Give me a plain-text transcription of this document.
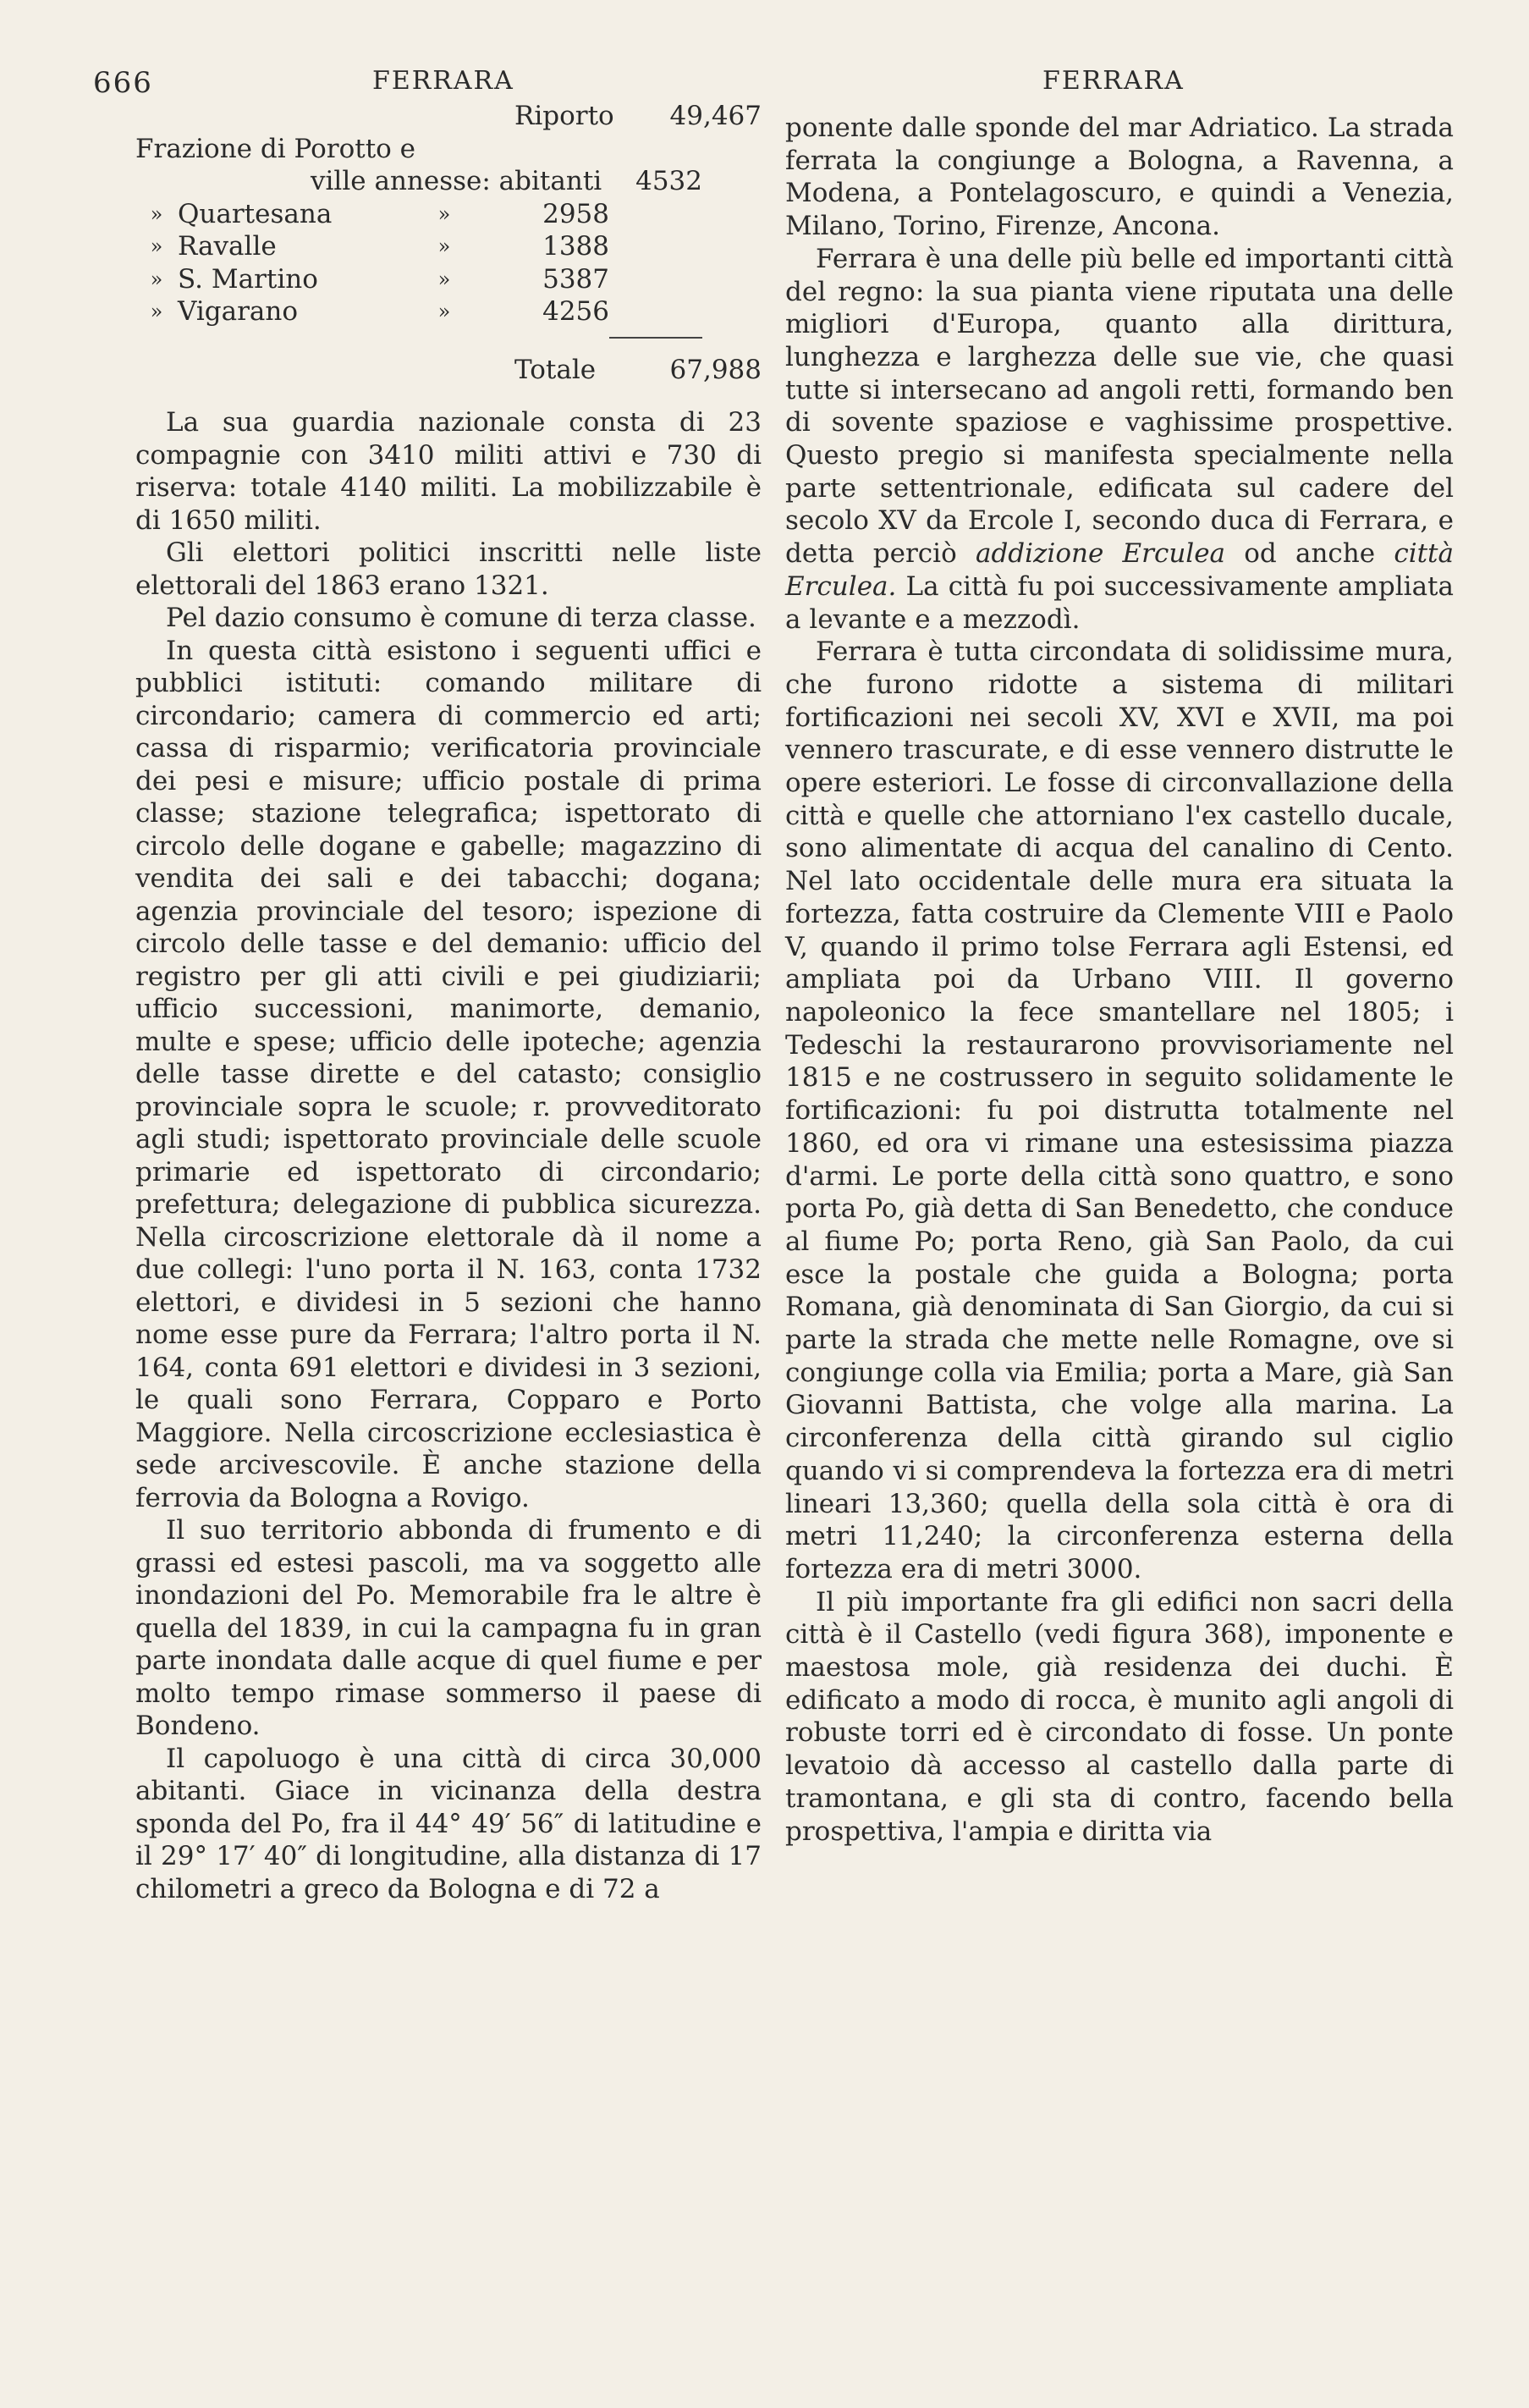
666	FERRARA	FERRARA
Riporto	49,467
Frazione di Porotto e
ville annesse: abitanti	4532
» Quartesana	»	2958
» Ravalle	»	1388
» S. Martino	»	5387
» Vigarano	»	4256
Totale	67,988

La sua guardia nazionale consta di 23 compagnie con 3410 militi attivi e 730 di riserva: totale 4140 militi. La mobilizzabile è di 1650 militi.

Gli elettori politici inscritti nelle liste elettorali del 1863 erano 1321.

Pel dazio consumo è comune di terza classe.

In questa città esistono i seguenti uffici e pubblici istituti: comando militare di circondario; camera di commercio ed arti; cassa di risparmio; verificatoria provinciale dei pesi e misure; ufficio postale di prima classe; stazione telegrafica; ispettorato di circolo delle dogane e gabelle; magazzino di vendita dei sali e dei tabacchi; dogana; agenzia provinciale del tesoro; ispezione di circolo delle tasse e del demanio: ufficio del registro per gli atti civili e pei giudiziarii; ufficio successioni, manimorte, demanio, multe e spese; ufficio delle ipoteche; agenzia delle tasse dirette e del catasto; consiglio provinciale sopra le scuole; r. provveditorato agli studi; ispettorato provinciale delle scuole primarie ed ispettorato di circondario; prefettura; delegazione di pubblica sicurezza. Nella circoscrizione elettorale dà il nome a due collegi: l'uno porta il N. 163, conta 1732 elettori, e dividesi in 5 sezioni che hanno nome esse pure da Ferrara; l'altro porta il N. 164, conta 691 elettori e dividesi in 3 sezioni, le quali sono Ferrara, Copparo e Porto Maggiore. Nella circoscrizione ecclesiastica è sede arcivescovile. È anche stazione della ferrovia da Bologna a Rovigo.

Il suo territorio abbonda di frumento e di grassi ed estesi pascoli, ma va soggetto alle inondazioni del Po. Memorabile fra le altre è quella del 1839, in cui la campagna fu in gran parte inondata dalle acque di quel fiume e per molto tempo rimase sommerso il paese di Bondeno.

Il capoluogo è una città di circa 30,000 abitanti. Giace in vicinanza della destra sponda del Po, fra il 44° 49′ 56″ di latitudine e il 29° 17′ 40″ di longitudine, alla distanza di 17 chilometri a greco da Bologna e di 72 a

ponente dalle sponde del mar Adriatico. La strada ferrata la congiunge a Bologna, a Ravenna, a Modena, a Pontelagoscuro, e quindi a Venezia, Milano, Torino, Firenze, Ancona.

Ferrara è una delle più belle ed importanti città del regno: la sua pianta viene riputata una delle migliori d'Europa, quanto alla dirittura, lunghezza e larghezza delle sue vie, che quasi tutte si intersecano ad angoli retti, formando ben di sovente spaziose e vaghissime prospettive. Questo pregio si manifesta specialmente nella parte settentrionale, edificata sul cadere del secolo XV da Ercole I, secondo duca di Ferrara, e detta perciò addizione Erculea od anche città Erculea. La città fu poi successivamente ampliata a levante e a mezzodì.

Ferrara è tutta circondata di solidissime mura, che furono ridotte a sistema di militari fortificazioni nei secoli XV, XVI e XVII, ma poi vennero trascurate, e di esse vennero distrutte le opere esteriori. Le fosse di circonvallazione della città e quelle che attorniano l'ex castello ducale, sono alimentate di acqua del canalino di Cento. Nel lato occidentale delle mura era situata la fortezza, fatta costruire da Clemente VIII e Paolo V, quando il primo tolse Ferrara agli Estensi, ed ampliata poi da Urbano VIII. Il governo napoleonico la fece smantellare nel 1805; i Tedeschi la restaurarono provvisoriamente nel 1815 e ne costrussero in seguito solidamente le fortificazioni: fu poi distrutta totalmente nel 1860, ed ora vi rimane una estesissima piazza d'armi. Le porte della città sono quattro, e sono porta Po, già detta di San Benedetto, che conduce al fiume Po; porta Reno, già San Paolo, da cui esce la postale che guida a Bologna; porta Romana, già denominata di San Giorgio, da cui si parte la strada che mette nelle Romagne, ove si congiunge colla via Emilia; porta a Mare, già San Giovanni Battista, che volge alla marina. La circonferenza della città girando sul ciglio quando vi si comprendeva la fortezza era di metri lineari 13,360; quella della sola città è ora di metri 11,240; la circonferenza esterna della fortezza era di metri 3000.

Il più importante fra gli edifici non sacri della città è il Castello (vedi figura 368), imponente e maestosa mole, già residenza dei duchi. È edificato a modo di rocca, è munito agli angoli di robuste torri ed è circondato di fosse. Un ponte levatoio dà accesso al castello dalla parte di tramontana, e gli sta di contro, facendo bella prospettiva, l'ampia e diritta via
